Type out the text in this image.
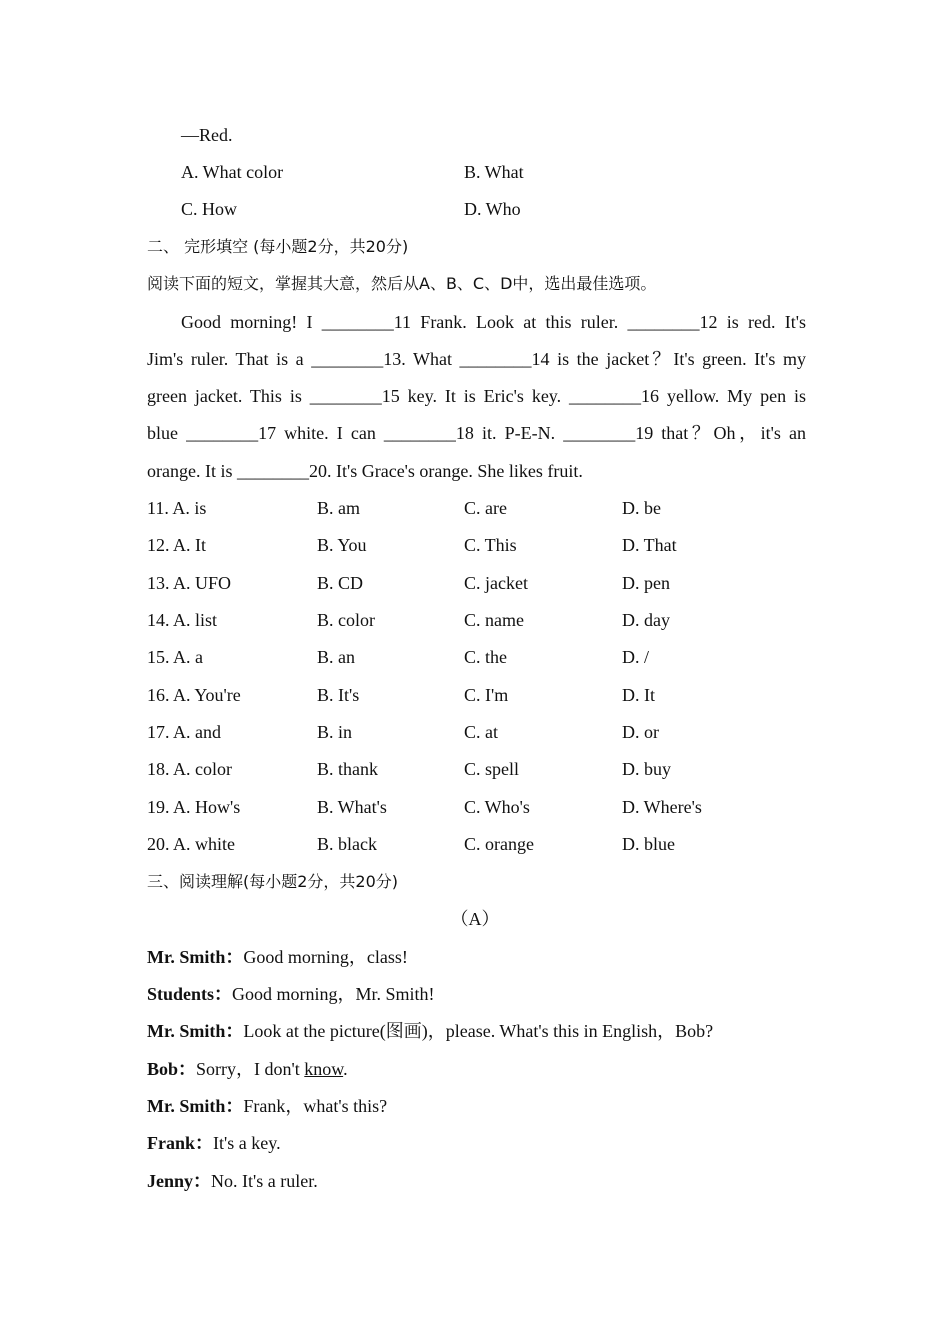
—Red.
A. What color	B. What
C. How	D. Who
二、 完形填空 (每小题2分，共20分)
阅读下面的短文，掌握其大意，然后从A、B、C、D中，选出最佳选项。
Good morning! I ________11 Frank. Look at this ruler. ________12 is red. It's
Jim's ruler. That is a ________13. What ________14 is the jacket？It's green. It's my
green jacket. This is ________15 key. It is Eric's key. ________16 yellow. My pen is
blue ________17 white. I can ________18 it. P-E-N. ________19 that？Oh，it's an
orange. It is ________20. It's Grace's orange. She likes fruit.
11. A. is	B. am	C. are	D. be
12. A. It	B. You	C. This	D. That
13. A. UFO	B. CD	C. jacket	D. pen
14. A. list	B. color	C. name	D. day
15. A. a	B. an	C. the	D. /
16. A. You're	B. It's	C. I'm	D. It
17. A. and	B. in	C. at	D. or
18. A. color	B. thank	C. spell	D. buy
19. A. How's	B. What's	C. Who's	D. Where's
20. A. white	B. black	C. orange	D. blue
三、阅读理解(每小题2分，共20分)
（A）
Mr. Smith：Good morning，class!
Students：Good morning，Mr. Smith!
Mr. Smith：Look at the picture(图画)，please. What's this in English，Bob?
Bob：Sorry，I don't know.
Mr. Smith：Frank，what's this?
Frank：It's a key.
Jenny：No. It's a ruler.
